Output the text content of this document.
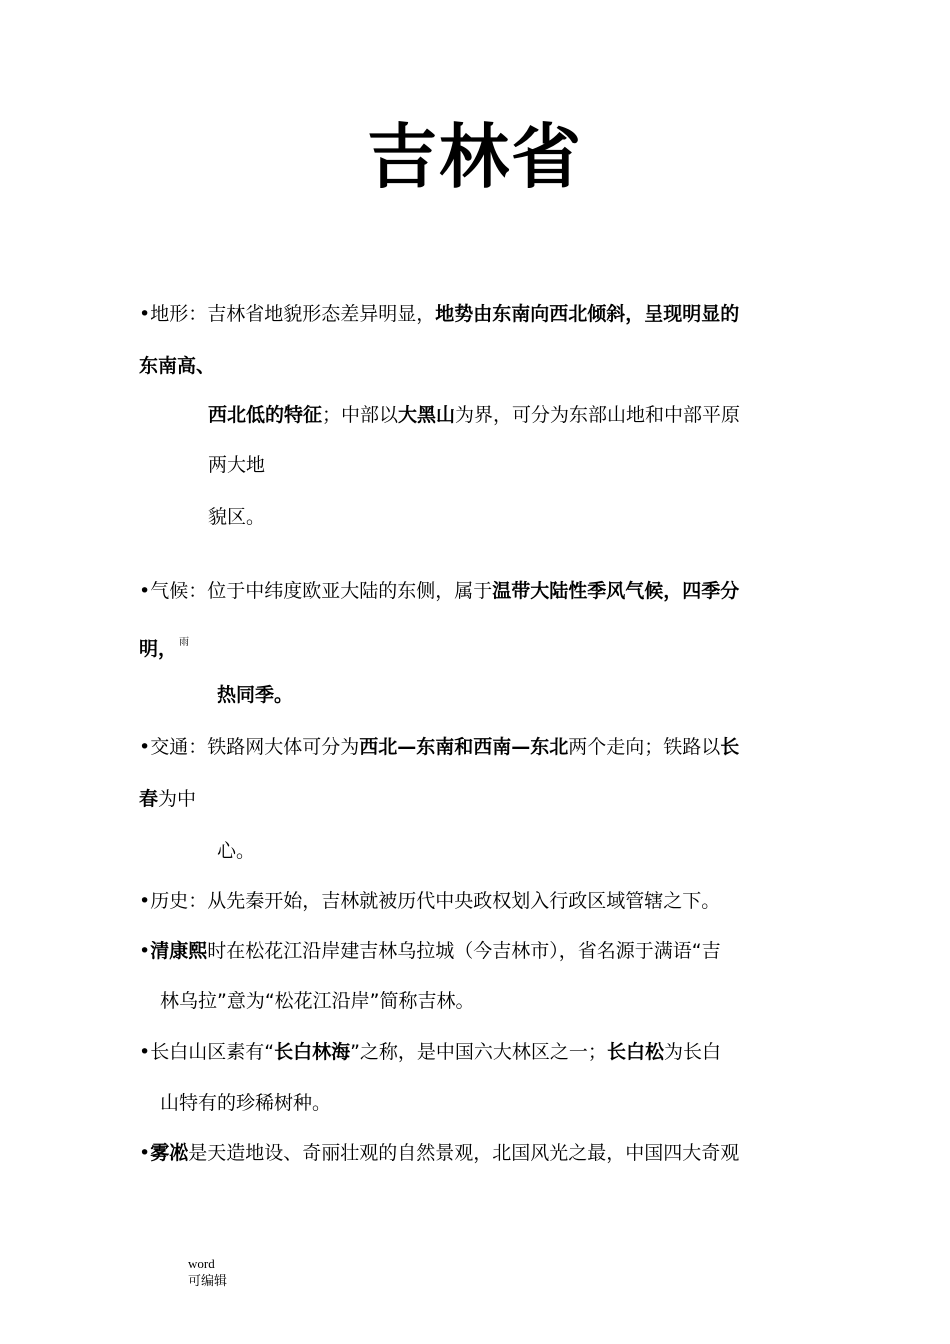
吉林省
•地形：吉林省地貌形态差异明显，地势由东南向西北倾斜，呈现明显的
东南高、
西北低的特征；中部以大黑山为界，可分为东部山地和中部平原
两大地
貌区。
•气候：位于中纬度欧亚大陆的东侧，属于温带大陆性季风气候，四季分
明， $^雨$
热同季。
•交通：铁路网大体可分为西北—东南和西南—东北两个走向；铁路以长
春为中
心。
•历史：从先秦开始，吉林就被历代中央政权划入行政区域管辖之下。
•清康熙时在松花江沿岸建吉林乌拉城（今吉林市），省名源于满语“吉
林乌拉”意为“松花江沿岸”简称吉林。
•长白山区素有“长白林海”之称，是中国六大林区之一；长白松为长白
山特有的珍稀树种。
•雾凇是天造地设、奇丽壮观的自然景观，北国风光之最，中国四大奇观
word
可编辑
